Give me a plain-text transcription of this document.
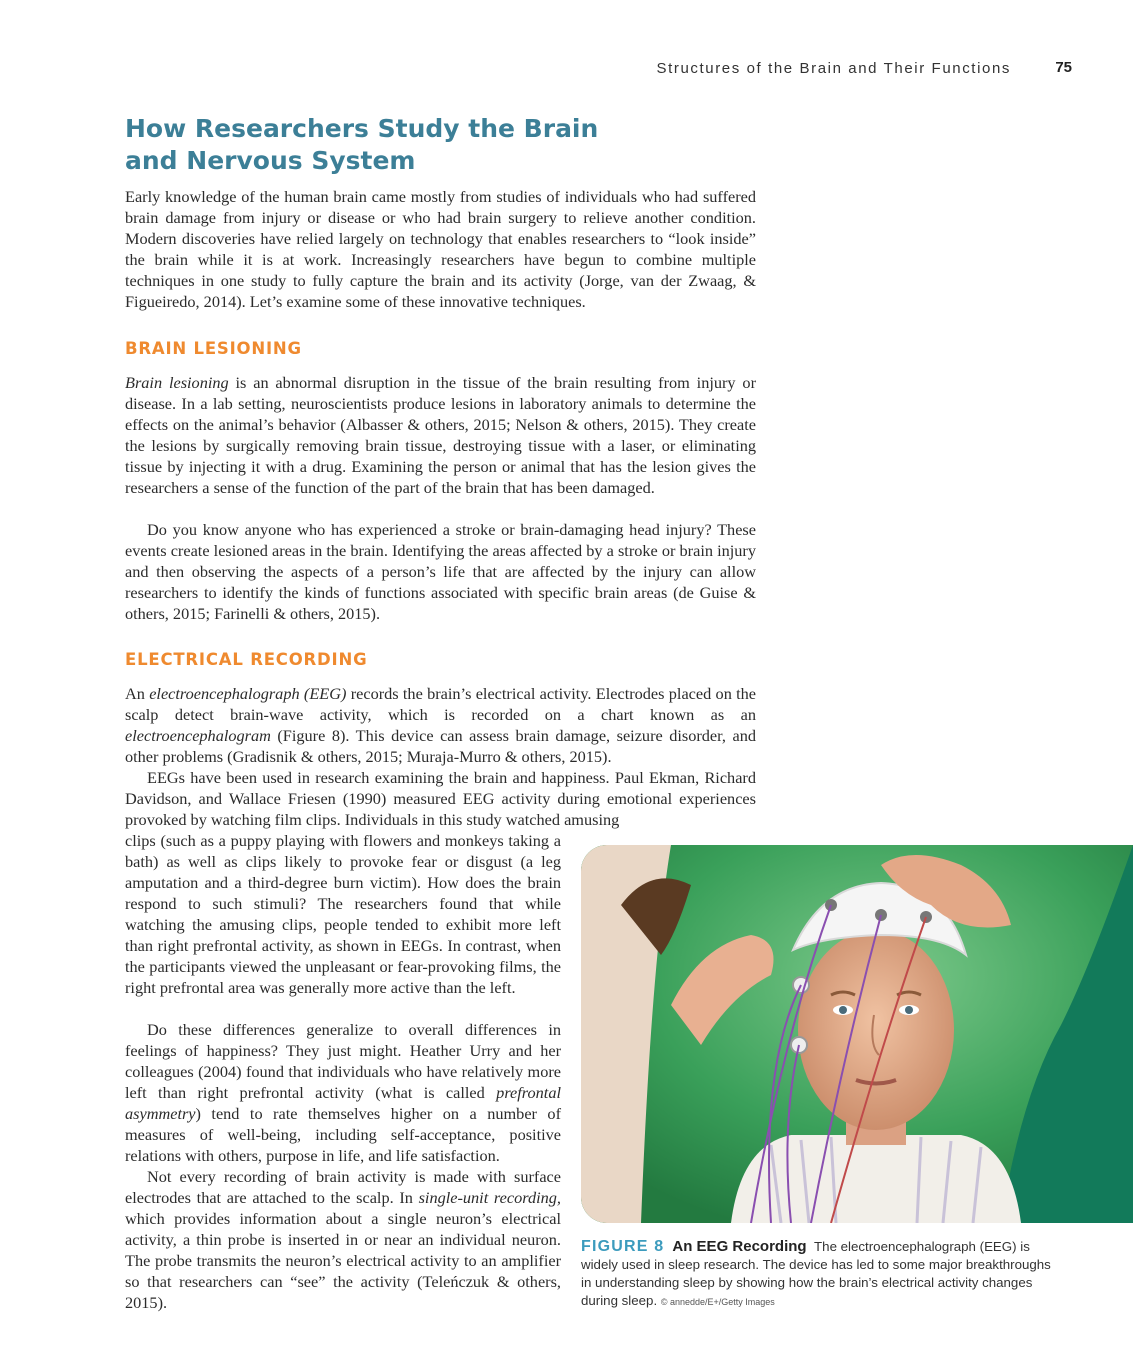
Structures of the Brain and Their Functions	75
How Researchers Study the Brain
and Nervous System

Early knowledge of the human brain came mostly from studies of individuals who had suffered brain damage from injury or disease or who had brain surgery to relieve another condition. Modern discoveries have relied largely on technology that enables researchers to “look inside” the brain while it is at work. Increasingly researchers have begun to combine multiple techniques in one study to fully capture the brain and its activity (Jorge, van der Zwaag, & Figueiredo, 2014). Let’s examine some of these innovative techniques.

BRAIN LESIONING

Brain lesioning is an abnormal disruption in the tissue of the brain resulting from injury or disease. In a lab setting, neuroscientists produce lesions in laboratory animals to determine the effects on the animal’s behavior (Albasser & others, 2015; Nelson & others, 2015). They create the lesions by surgically removing brain tissue, destroying tissue with a laser, or eliminating tissue by injecting it with a drug. Examining the person or animal that has the lesion gives the researchers a sense of the function of the part of the brain that has been damaged.

Do you know anyone who has experienced a stroke or brain-damaging head injury? These events create lesioned areas in the brain. Identifying the areas affected by a stroke or brain injury and then observing the aspects of a person’s life that are affected by the injury can allow researchers to identify the kinds of functions associated with specific brain areas (de Guise & others, 2015; Farinelli & others, 2015).

ELECTRICAL RECORDING

An electroencephalograph (EEG) records the brain’s electrical activity. Electrodes placed on the scalp detect brain-wave activity, which is recorded on a chart known as an electroencephalogram (Figure 8). This device can assess brain damage, seizure disorder, and other problems (Gradisnik & others, 2015; Muraja-Murro & others, 2015).

EEGs have been used in research examining the brain and happiness. Paul Ekman, Richard Davidson, and Wallace Friesen (1990) measured EEG activity during emotional experiences provoked by watching film clips. Individuals in this study watched amusing

clips (such as a puppy playing with flowers and monkeys taking a bath) as well as clips likely to provoke fear or disgust (a leg amputation and a third-degree burn victim). How does the brain respond to such stimuli? The researchers found that while watching the amusing clips, people tended to exhibit more left than right prefrontal activity, as shown in EEGs. In contrast, when the participants viewed the unpleasant or fear-provoking films, the right prefrontal area was generally more active than the left.

Do these differences generalize to overall differences in feelings of happiness? They just might. Heather Urry and her colleagues (2004) found that individuals who have relatively more left than right prefrontal activity (what is called prefrontal asymmetry) tend to rate themselves higher on a number of measures of well-being, including self-acceptance, positive relations with others, purpose in life, and life satisfaction.

Not every recording of brain activity is made with surface electrodes that are attached to the scalp. In single-unit recording, which provides information about a single neuron’s electrical activity, a thin probe is inserted in or near an individual neuron. The probe transmits the neuron’s electrical activity to an amplifier so that researchers can “see” the activity (Teleńczuk & others, 2015).

FIGURE 8 An EEG Recording The electroencephalograph (EEG) is widely used in sleep research. The device has led to some major breakthroughs in understanding sleep by showing how the brain’s electrical activity changes during sleep. © annedde/E+/Getty Images
